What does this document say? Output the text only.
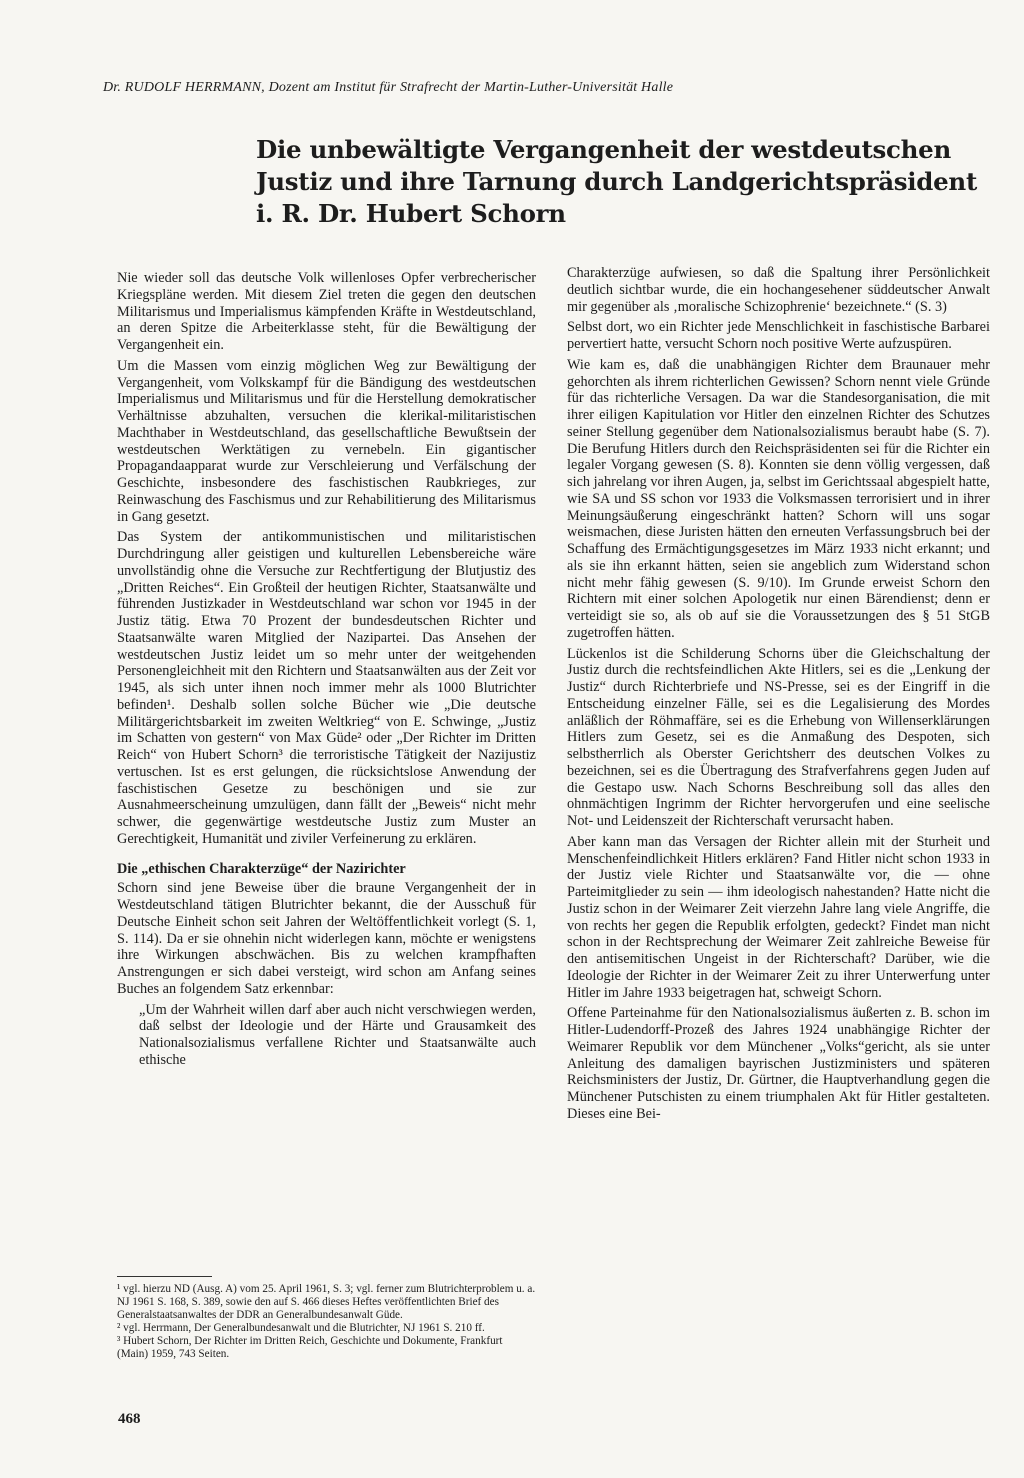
Dr. RUDOLF HERRMANN, Dozent am Institut für Strafrecht der Martin-Luther-Universität Halle
Die unbewältigte Vergangenheit der westdeutschen Justiz und ihre Tarnung durch Landgerichtspräsident i. R. Dr. Hubert Schorn

Nie wieder soll das deutsche Volk willenloses Opfer verbrecherischer Kriegspläne werden. Mit diesem Ziel treten die gegen den deutschen Militarismus und Imperialismus kämpfenden Kräfte in Westdeutschland, an deren Spitze die Arbeiterklasse steht, für die Bewältigung der Vergangenheit ein.

Um die Massen vom einzig möglichen Weg zur Bewältigung der Vergangenheit, vom Volkskampf für die Bändigung des westdeutschen Imperialismus und Militarismus und für die Herstellung demokratischer Verhältnisse abzuhalten, versuchen die klerikal-militaristischen Machthaber in Westdeutschland, das gesellschaftliche Bewußtsein der westdeutschen Werktätigen zu vernebeln. Ein gigantischer Propagandaapparat wurde zur Verschleierung und Verfälschung der Geschichte, insbesondere des faschistischen Raubkrieges, zur Reinwaschung des Faschismus und zur Rehabilitierung des Militarismus in Gang gesetzt.

Das System der antikommunistischen und militaristischen Durchdringung aller geistigen und kulturellen Lebensbereiche wäre unvollständig ohne die Versuche zur Rechtfertigung der Blutjustiz des „Dritten Reiches“. Ein Großteil der heutigen Richter, Staatsanwälte und führenden Justizkader in Westdeutschland war schon vor 1945 in der Justiz tätig. Etwa 70 Prozent der bundesdeutschen Richter und Staatsanwälte waren Mitglied der Nazipartei. Das Ansehen der westdeutschen Justiz leidet um so mehr unter der weitgehenden Personengleichheit mit den Richtern und Staatsanwälten aus der Zeit vor 1945, als sich unter ihnen noch immer mehr als 1000 Blutrichter befinden¹. Deshalb sollen solche Bücher wie „Die deutsche Militärgerichtsbarkeit im zweiten Weltkrieg“ von E. Schwinge, „Justiz im Schatten von gestern“ von Max Güde² oder „Der Richter im Dritten Reich“ von Hubert Schorn³ die terroristische Tätigkeit der Nazijustiz vertuschen. Ist es erst gelungen, die rücksichtslose Anwendung der faschistischen Gesetze zu beschönigen und sie zur Ausnahmeerscheinung umzulügen, dann fällt der „Beweis“ nicht mehr schwer, die gegenwärtige westdeutsche Justiz zum Muster an Gerechtigkeit, Humanität und ziviler Verfeinerung zu erklären.

Die „ethischen Charakterzüge“ der Nazirichter

Schorn sind jene Beweise über die braune Vergangenheit der in Westdeutschland tätigen Blutrichter bekannt, die der Ausschuß für Deutsche Einheit schon seit Jahren der Weltöffentlichkeit vorlegt (S. 1, S. 114). Da er sie ohnehin nicht widerlegen kann, möchte er wenigstens ihre Wirkungen abschwächen. Bis zu welchen krampfhaften Anstrengungen er sich dabei versteigt, wird schon am Anfang seines Buches an folgendem Satz erkennbar:

„Um der Wahrheit willen darf aber auch nicht verschwiegen werden, daß selbst der Ideologie und der Härte und Grausamkeit des Nationalsozialismus verfallene Richter und Staatsanwälte auch ethische
¹ vgl. hierzu ND (Ausg. A) vom 25. April 1961, S. 3; vgl. ferner zum Blutrichterproblem u. a. NJ 1961 S. 168, S. 389, sowie den auf S. 466 dieses Heftes veröffentlichten Brief des Generalstaatsanwaltes der DDR an Generalbundesanwalt Güde.
² vgl. Herrmann, Der Generalbundesanwalt und die Blutrichter, NJ 1961 S. 210 ff.
³ Hubert Schorn, Der Richter im Dritten Reich, Geschichte und Dokumente, Frankfurt (Main) 1959, 743 Seiten.

Charakterzüge aufwiesen, so daß die Spaltung ihrer Persönlichkeit deutlich sichtbar wurde, die ein hochangesehener süddeutscher Anwalt mir gegenüber als ‚moralische Schizophrenie‘ bezeichnete.“ (S. 3)

Selbst dort, wo ein Richter jede Menschlichkeit in faschistische Barbarei pervertiert hatte, versucht Schorn noch positive Werte aufzuspüren.

Wie kam es, daß die unabhängigen Richter dem Braunauer mehr gehorchten als ihrem richterlichen Gewissen? Schorn nennt viele Gründe für das richterliche Versagen. Da war die Standesorganisation, die mit ihrer eiligen Kapitulation vor Hitler den einzelnen Richter des Schutzes seiner Stellung gegenüber dem Nationalsozialismus beraubt habe (S. 7). Die Berufung Hitlers durch den Reichspräsidenten sei für die Richter ein legaler Vorgang gewesen (S. 8). Konnten sie denn völlig vergessen, daß sich jahrelang vor ihren Augen, ja, selbst im Gerichtssaal abgespielt hatte, wie SA und SS schon vor 1933 die Volksmassen terrorisiert und in ihrer Meinungsäußerung eingeschränkt hatten? Schorn will uns sogar weismachen, diese Juristen hätten den erneuten Verfassungsbruch bei der Schaffung des Ermächtigungsgesetzes im März 1933 nicht erkannt; und als sie ihn erkannt hätten, seien sie angeblich zum Widerstand schon nicht mehr fähig gewesen (S. 9/10). Im Grunde erweist Schorn den Richtern mit einer solchen Apologetik nur einen Bärendienst; denn er verteidigt sie so, als ob auf sie die Voraussetzungen des § 51 StGB zugetroffen hätten.

Lückenlos ist die Schilderung Schorns über die Gleichschaltung der Justiz durch die rechtsfeindlichen Akte Hitlers, sei es die „Lenkung der Justiz“ durch Richterbriefe und NS-Presse, sei es der Eingriff in die Entscheidung einzelner Fälle, sei es die Legalisierung des Mordes anläßlich der Röhmaffäre, sei es die Erhebung von Willenserklärungen Hitlers zum Gesetz, sei es die Anmaßung des Despoten, sich selbstherrlich als Oberster Gerichtsherr des deutschen Volkes zu bezeichnen, sei es die Übertragung des Strafverfahrens gegen Juden auf die Gestapo usw. Nach Schorns Beschreibung soll das alles den ohnmächtigen Ingrimm der Richter hervorgerufen und eine seelische Not- und Leidenszeit der Richterschaft verursacht haben.

Aber kann man das Versagen der Richter allein mit der Sturheit und Menschenfeindlichkeit Hitlers erklären? Fand Hitler nicht schon 1933 in der Justiz viele Richter und Staatsanwälte vor, die — ohne Parteimitglieder zu sein — ihm ideologisch nahestanden? Hatte nicht die Justiz schon in der Weimarer Zeit vierzehn Jahre lang viele Angriffe, die von rechts her gegen die Republik erfolgten, gedeckt? Findet man nicht schon in der Rechtsprechung der Weimarer Zeit zahlreiche Beweise für den antisemitischen Ungeist in der Richterschaft? Darüber, wie die Ideologie der Richter in der Weimarer Zeit zu ihrer Unterwerfung unter Hitler im Jahre 1933 beigetragen hat, schweigt Schorn.

Offene Parteinahme für den Nationalsozialismus äußerten z. B. schon im Hitler-Ludendorff-Prozeß des Jahres 1924 unabhängige Richter der Weimarer Republik vor dem Münchener „Volks“gericht, als sie unter Anleitung des damaligen bayrischen Justizministers und späteren Reichsministers der Justiz, Dr. Gürtner, die Hauptverhandlung gegen die Münchener Putschisten zu einem triumphalen Akt für Hitler gestalteten. Dieses eine Bei-

468
